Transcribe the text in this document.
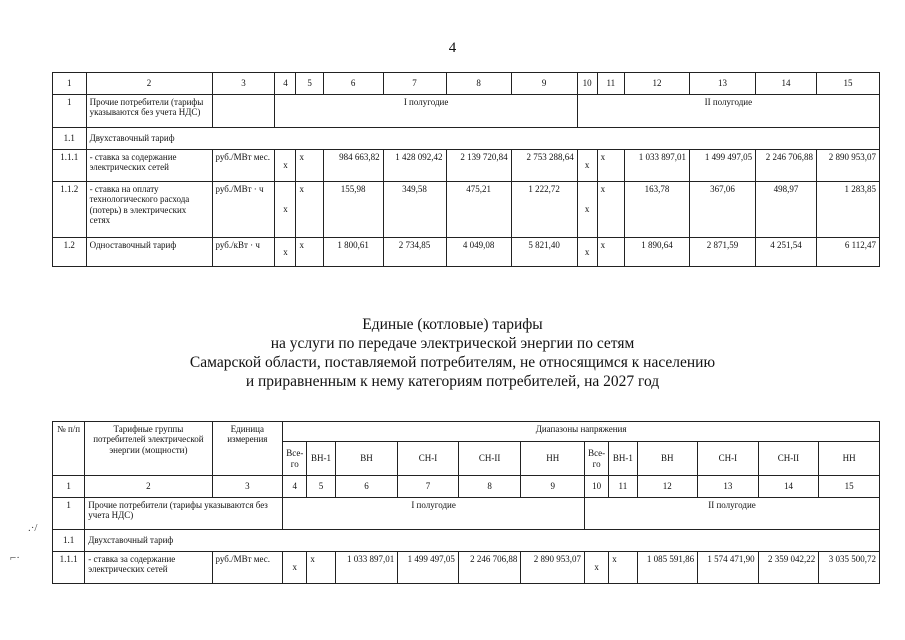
4
1	2	3	4	5	6	7	8	9	10	11	12	13	14	15
1	Прочие потребители (тарифы указываются без учета НДС)		I полугодие						II полугодие					
1.1	Двухставочный тариф													
1.1.1	- ставка за содержание электрических сетей	руб./МВт мес.	х	х	984 663,82	1 428 092,42	2 139 720,84	2 753 288,64	х	х	1 033 897,01	1 499 497,05	2 246 706,88	2 890 953,07
1.1.2	- ставка на оплату технологического расхода (потерь) в электрических сетях	руб./МВт · ч	х	х	155,98	349,58	475,21	1 222,72	х	х	163,78	367,06	498,97	1 283,85
1.2	Одноставочный тариф	руб./кВт · ч	х	х	1 800,61	2 734,85	4 049,08	5 821,40	х	х	1 890,64	2 871,59	4 251,54	6 112,47
Единые (котловые) тарифы
на услуги по передаче электрической энергии по сетям
Самарской области, поставляемой потребителям, не относящимся к населению
и приравненным к нему категориям потребителей, на 2027 год
№ п/п	Тарифные группы потребителей электрической энергии (мощности)	Единица измерения	Диапазоны напряжения											
			Все-го	ВН-1	ВН	СН-I	СН-II	НН	Все-го	ВН-1	ВН	СН-I	СН-II	НН
1	2	3	4	5	6	7	8	9	10	11	12	13	14	15
1	Прочие потребители (тарифы указываются без учета НДС)		I полугодие						II полугодие					
1.1	Двухставочный тариф													
1.1.1	- ставка за содержание электрических сетей	руб./МВт мес.	х	х	1 033 897,01	1 499 497,05	2 246 706,88	2 890 953,07	х	х	1 085 591,86	1 574 471,90	2 359 042,22	3 035 500,72
.·/
⌐·
